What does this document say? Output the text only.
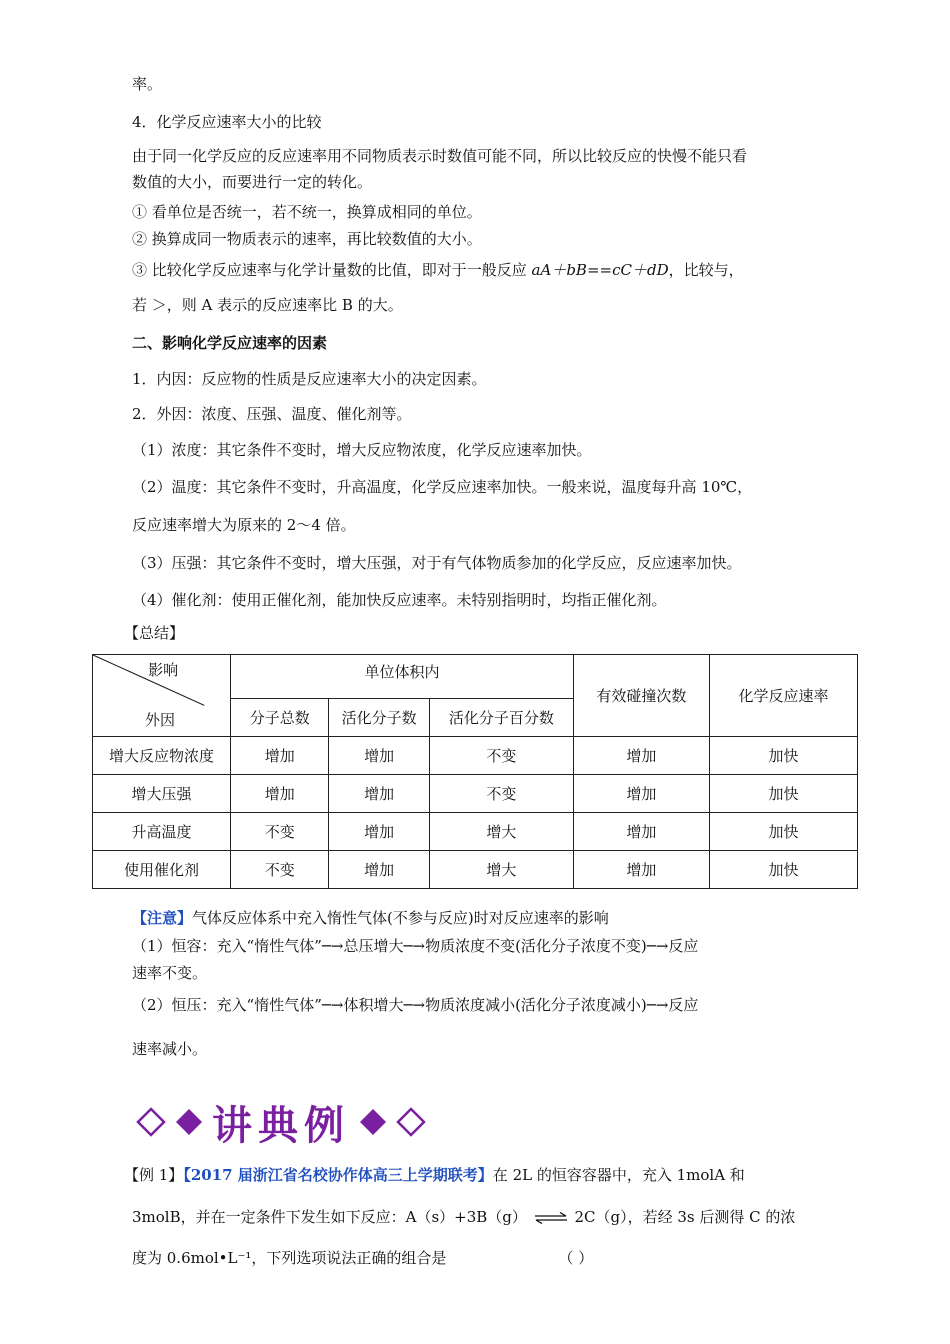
率。
4．化学反应速率大小的比较
由于同一化学反应的反应速率用不同物质表示时数值可能不同，所以比较反应的快慢不能只看
数值的大小，而要进行一定的转化。
① 看单位是否统一，若不统一，换算成相同的单位。
② 换算成同一物质表示的速率，再比较数值的大小。
③ 比较化学反应速率与化学计量数的比值，即对于一般反应 aA＋bB==cC＋dD，比较与，
若 ＞，则 A 表示的反应速率比 B 的大。
二、影响化学反应速率的因素
1．内因：反应物的性质是反应速率大小的决定因素。
2．外因：浓度、压强、温度、催化剂等。
（1）浓度：其它条件不变时，增大反应物浓度，化学反应速率加快。
（2）温度：其它条件不变时，升高温度，化学反应速率加快。一般来说，温度每升高 10℃，
反应速率增大为原来的 2～4 倍。
（3）压强：其它条件不变时，增大压强，对于有气体物质参加的化学反应，反应速率加快。
（4）催化剂：使用正催化剂，能加快反应速率。未特别指明时，均指正催化剂。
【总结】
影响
外因	单位体积内			有效碰撞次数	化学反应速率
	分子总数	活化分子数	活化分子百分数		
增大反应物浓度	增加	增加	不变	增加	加快
增大压强	增加	增加	不变	增加	加快
升高温度	不变	增加	增大	增加	加快
使用催化剂	不变	增加	增大	增加	加快
【注意】气体反应体系中充入惰性气体(不参与反应)时对反应速率的影响
（1）恒容：充入“惰性气体”─→总压增大─→物质浓度不变(活化分子浓度不变)─→反应
速率不变。
（2）恒压：充入“惰性气体”─→体积增大─→物质浓度减小(活化分子浓度减小)─→反应
速率减小。
讲典例
【例 1】【2017 届浙江省名校协作体高三上学期联考】在 2L 的恒容容器中，充入 1molA 和
3molB，并在一定条件下发生如下反应：A（s）+3B（g） ⇌ 2C（g），若经 3s 后测得 C 的浓
度为 0.6mol•L⁻¹，下列选项说法正确的组合是	（ ）
